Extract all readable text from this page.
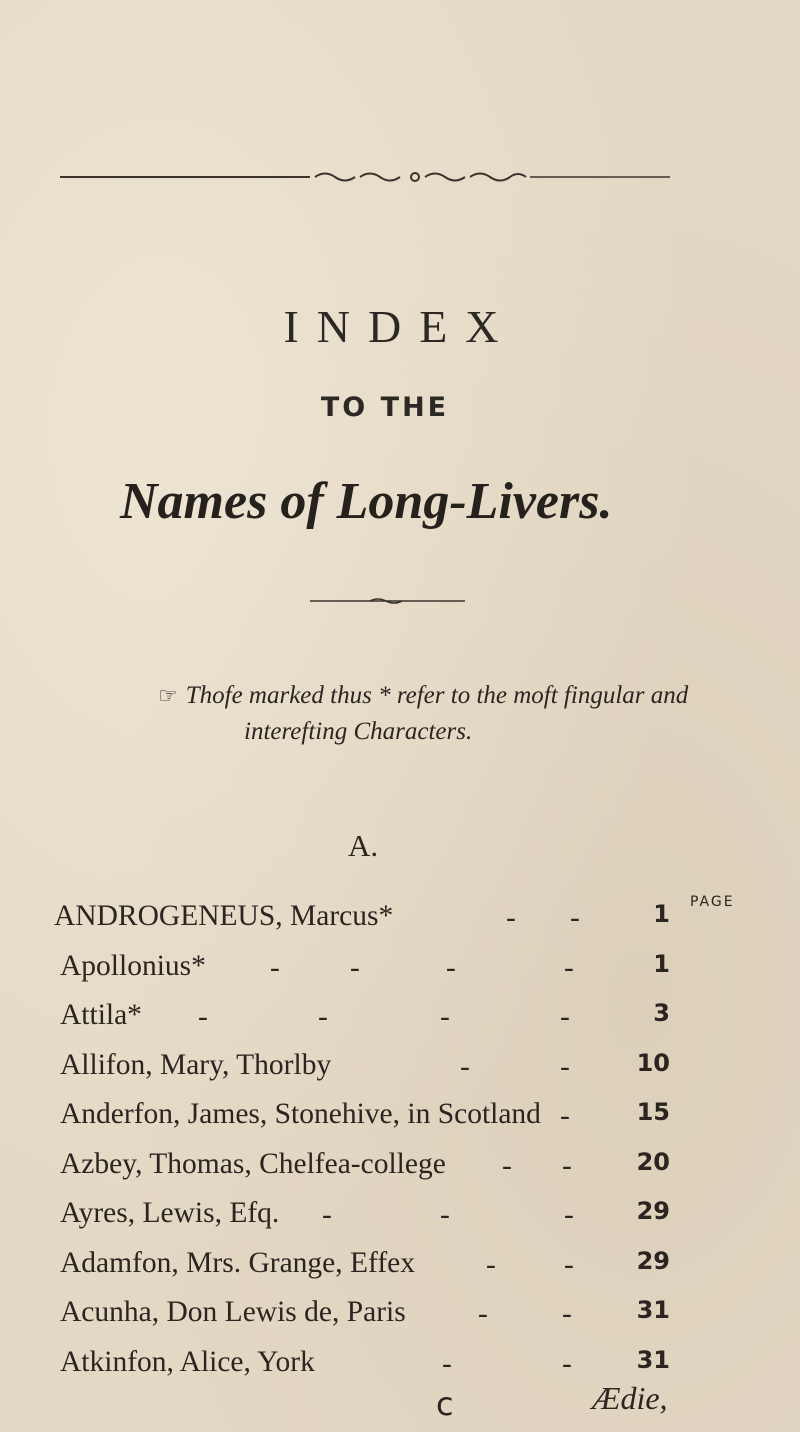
INDEX
TO THE
Names of Long-Livers.
☞ Thofe marked thus * refer to the moft fingular and
interefting Characters.
A.
PAGE
ANDROGENEUS, Marcus*	- -	1
Apollonius* - -	-	-	1
Attila* -	-	-	-	3
Allifon, Mary, Thorlby	-	-	10
Anderfon, James, Stonehive, in Scotland -	15
Azbey, Thomas, Chelfea-college - -	20
Ayres, Lewis, Efq. -	-	-	29
Adamfon, Mrs. Grange, Effex - -	29
Acunha, Don Lewis de, Paris -	-	31
Atkinfon, Alice, York	-	-	31
c	Ædie,
